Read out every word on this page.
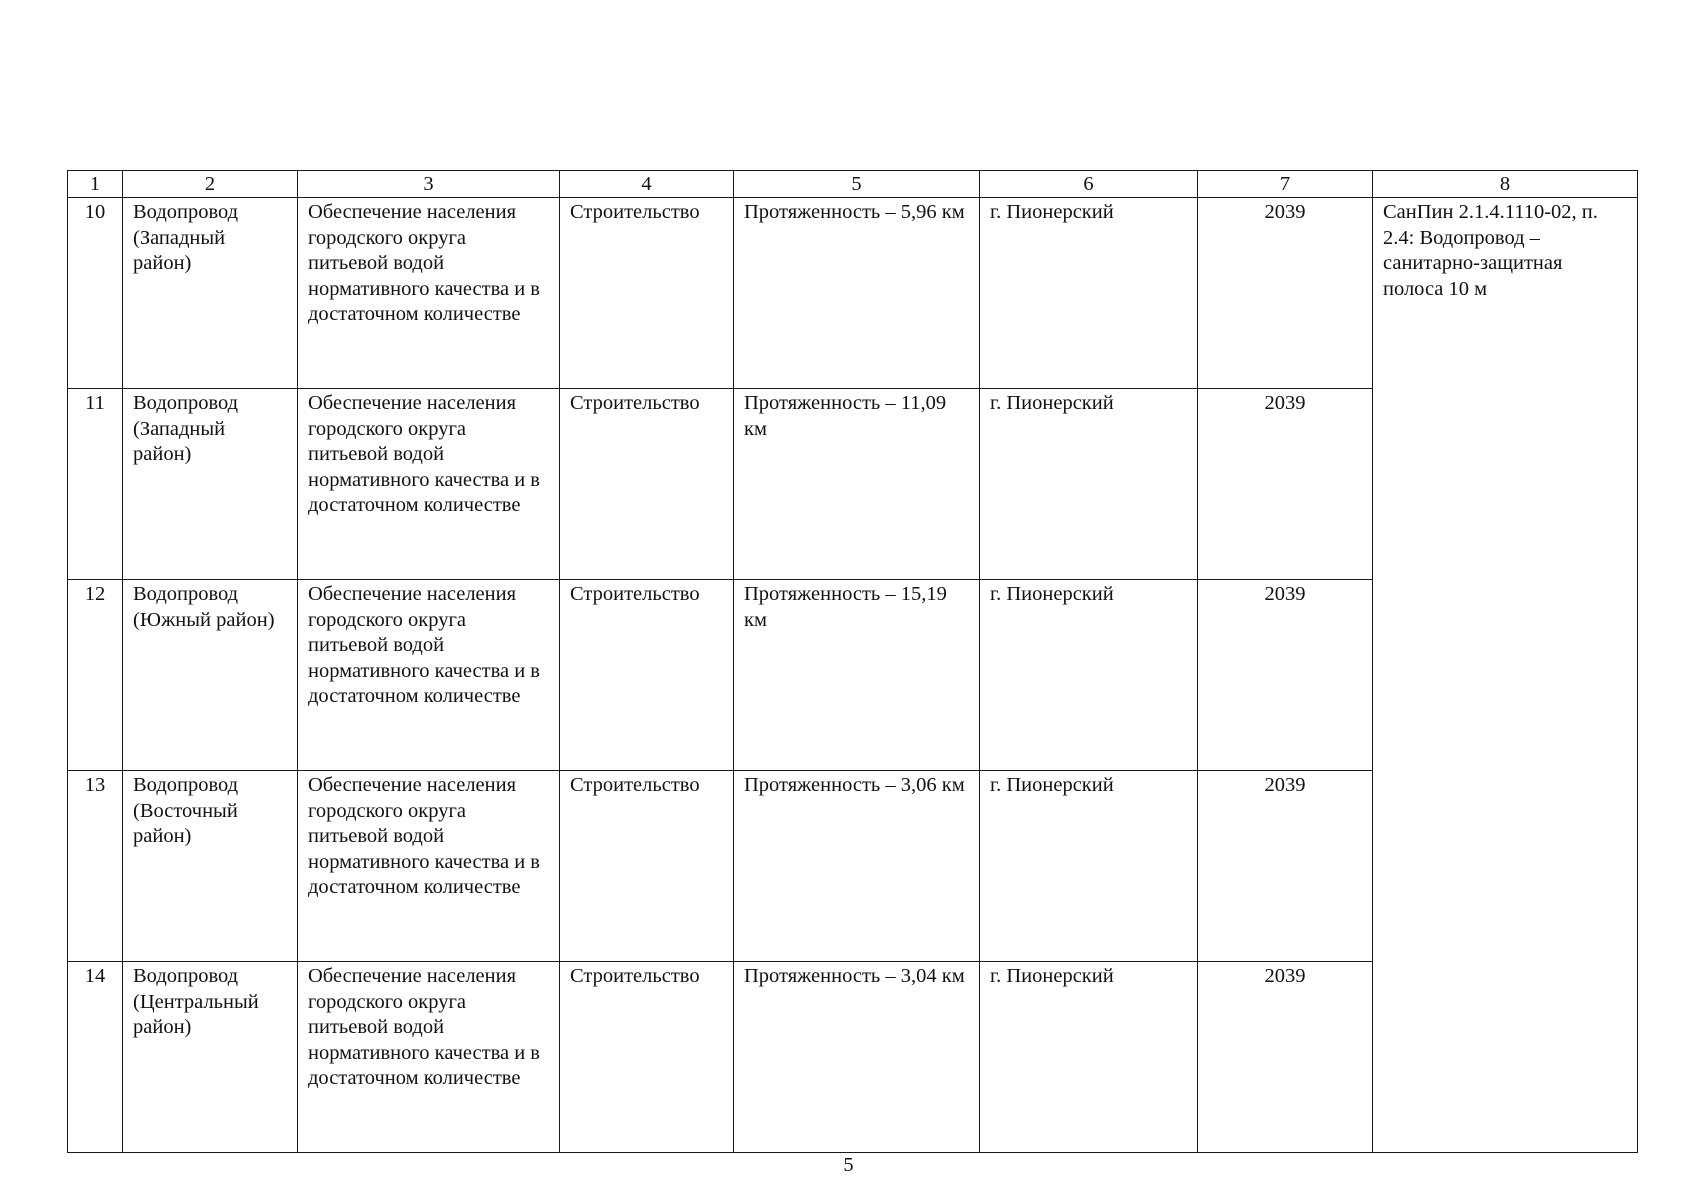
1	2	3	4	5	6	7	8
10	Водопровод (Западный район)	Обеспечение населения городского округа питьевой водой нормативного качества и в достаточном количестве	Строительство	Протяженность – 5,96 км	г. Пионерский	2039	СанПин 2.1.4.1110-02, п. 2.4: Водопровод – санитарно-защитная полоса 10 м
11	Водопровод (Западный район)	Обеспечение населения городского округа питьевой водой нормативного качества и в достаточном количестве	Строительство	Протяженность – 11,09 км	г. Пионерский	2039	
12	Водопровод (Южный район)	Обеспечение населения городского округа питьевой водой нормативного качества и в достаточном количестве	Строительство	Протяженность – 15,19 км	г. Пионерский	2039	
13	Водопровод (Восточный район)	Обеспечение населения городского округа питьевой водой нормативного качества и в достаточном количестве	Строительство	Протяженность – 3,06 км	г. Пионерский	2039	
14	Водопровод (Центральный район)	Обеспечение населения городского округа питьевой водой нормативного качества и в достаточном количестве	Строительство	Протяженность – 3,04 км	г. Пионерский	2039	
5
